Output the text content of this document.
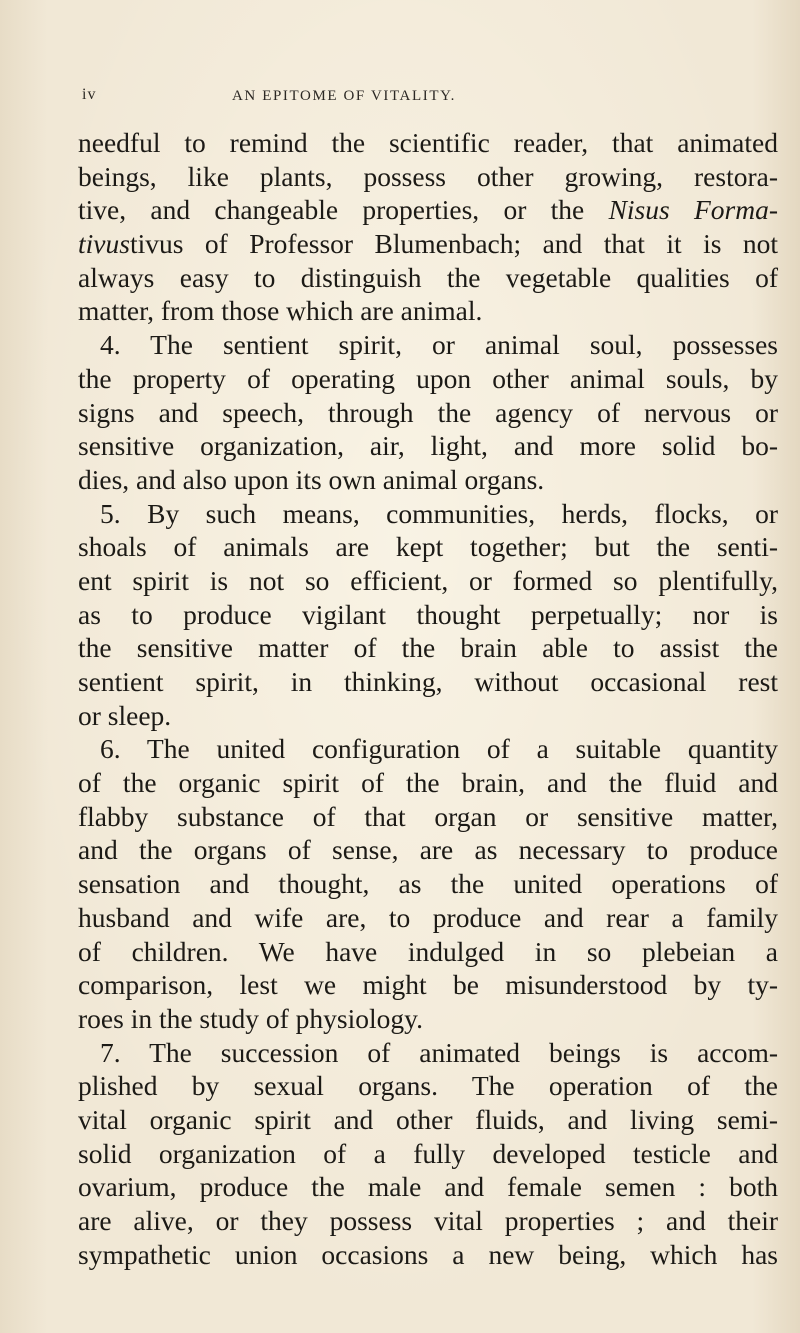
iv	AN EPITOME OF VITALITY.
needful to remind the scientific reader, that animated
beings, like plants, possess other growing, restora-
tive, and changeable properties, or the Nisus Forma-
tivustivus of Professor Blumenbach; and that it is not
always easy to distinguish the vegetable qualities of
matter, from those which are animal.
4. The sentient spirit, or animal soul, possesses
the property of operating upon other animal souls, by
signs and speech, through the agency of nervous or
sensitive organization, air, light, and more solid bo-
dies, and also upon its own animal organs.
5. By such means, communities, herds, flocks, or
shoals of animals are kept together; but the senti-
ent spirit is not so efficient, or formed so plentifully,
as to produce vigilant thought perpetually; nor is
the sensitive matter of the brain able to assist the
sentient spirit, in thinking, without occasional rest
or sleep.
6. The united configuration of a suitable quantity
of the organic spirit of the brain, and the fluid and
flabby substance of that organ or sensitive matter,
and the organs of sense, are as necessary to produce
sensation and thought, as the united operations of
husband and wife are, to produce and rear a family
of children. We have indulged in so plebeian a
comparison, lest we might be misunderstood by ty-
roes in the study of physiology.
7. The succession of animated beings is accom-
plished by sexual organs. The operation of the
vital organic spirit and other fluids, and living semi-
solid organization of a fully developed testicle and
ovarium, produce the male and female semen : both
are alive, or they possess vital properties ; and their
sympathetic union occasions a new being, which has
